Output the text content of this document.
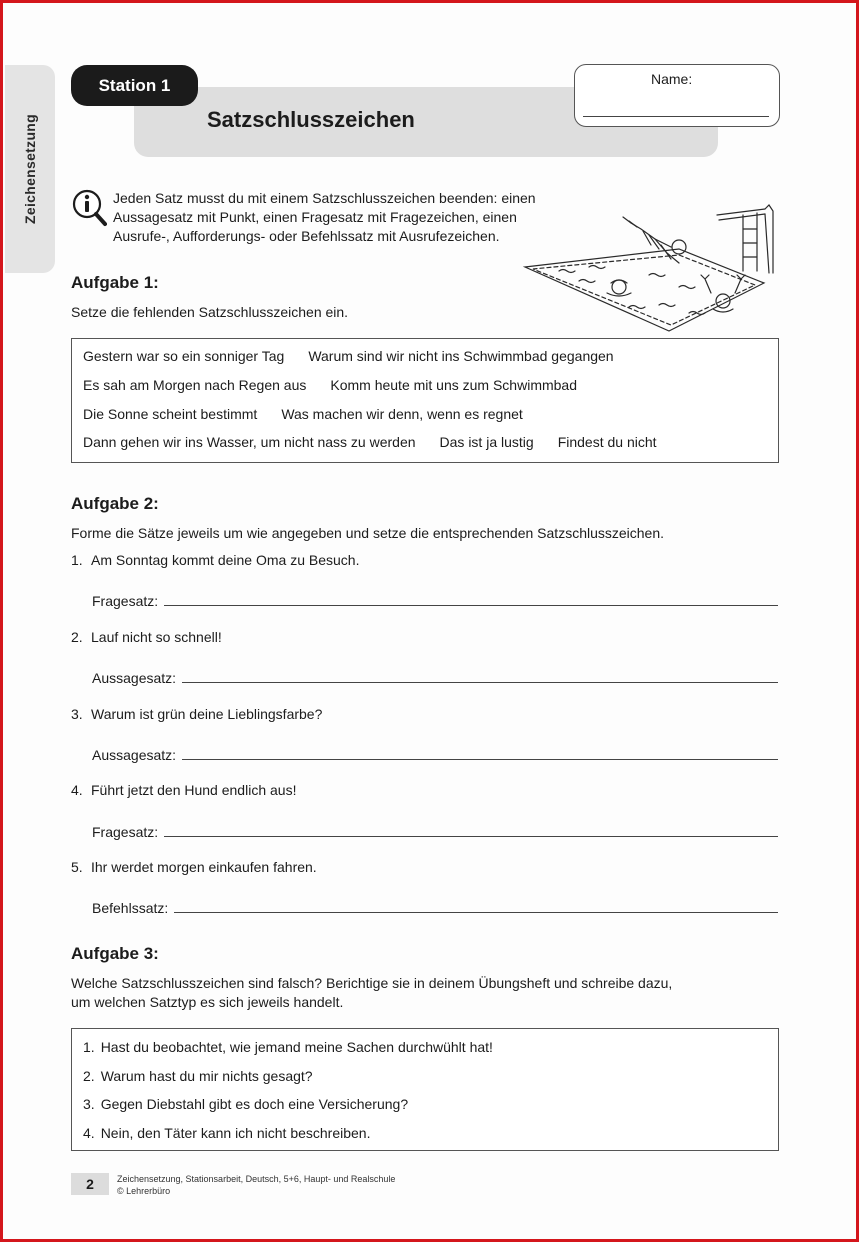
Zeichensetzung
Station 1
Satzschlusszeichen
Name:
Jeden Satz musst du mit einem Satzschlusszeichen beenden: einen
Aussagesatz mit Punkt, einen Fragesatz mit Fragezeichen, einen
Ausrufe-, Aufforderungs- oder Befehlssatz mit Ausrufezeichen.
Aufgabe 1:
Setze die fehlenden Satzschlusszeichen ein.
Gestern war so ein sonniger Tag Warum sind wir nicht ins Schwimmbad gegangen
Es sah am Morgen nach Regen aus Komm heute mit uns zum Schwimmbad
Die Sonne scheint bestimmt Was machen wir denn, wenn es regnet
Dann gehen wir ins Wasser, um nicht nass zu werden Das ist ja lustig Findest du nicht
Aufgabe 2:
Forme die Sätze jeweils um wie angegeben und setze die entsprechenden Satzschlusszeichen.
1. Am Sonntag kommt deine Oma zu Besuch.
Fragesatz:
2. Lauf nicht so schnell!
Aussagesatz:
3. Warum ist grün deine Lieblingsfarbe?
Aussagesatz:
4. Führt jetzt den Hund endlich aus!
Fragesatz:
5. Ihr werdet morgen einkaufen fahren.
Befehlssatz:
Aufgabe 3:
Welche Satzschlusszeichen sind falsch? Berichtige sie in deinem Übungsheft und schreibe dazu,
um welchen Satztyp es sich jeweils handelt.
1. Hast du beobachtet, wie jemand meine Sachen durchwühlt hat!
2. Warum hast du mir nichts gesagt?
3. Gegen Diebstahl gibt es doch eine Versicherung?
4. Nein, den Täter kann ich nicht beschreiben.
2	Zeichensetzung, Stationsarbeit, Deutsch, 5+6, Haupt- und Realschule
© Lehrerbüro
